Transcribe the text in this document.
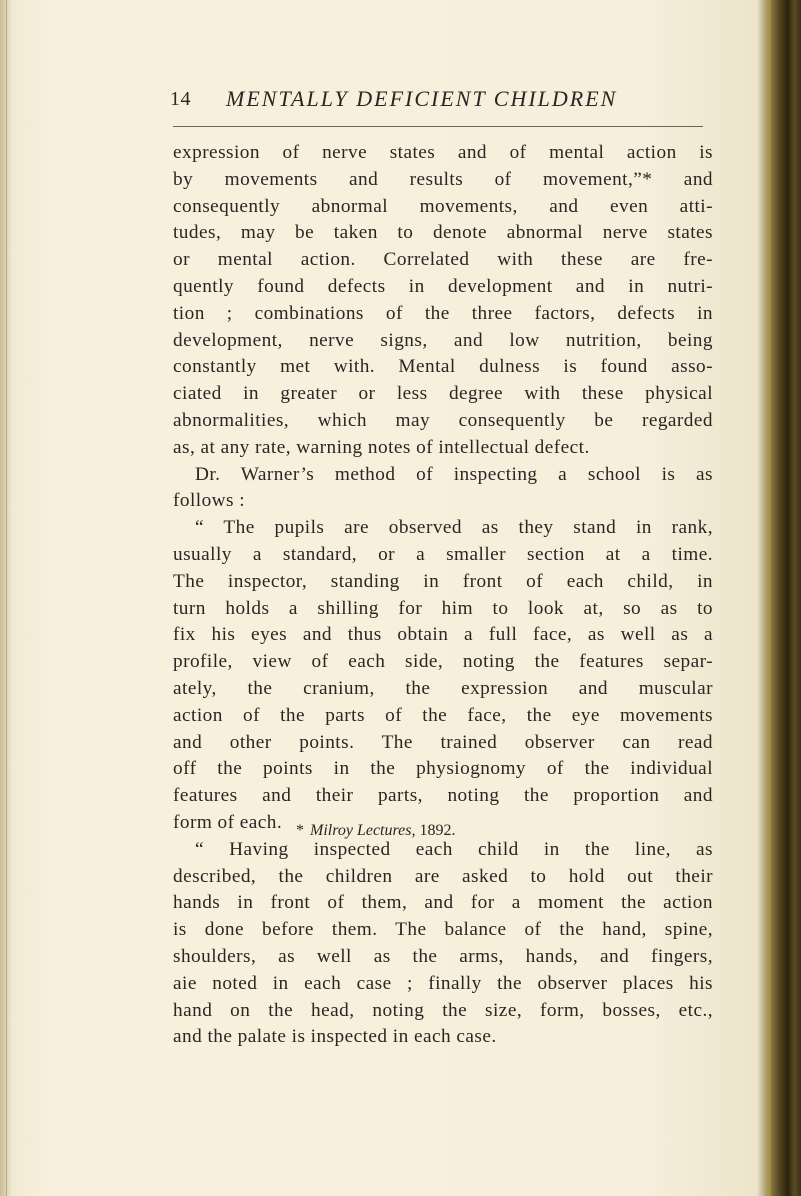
14 MENTALLY DEFICIENT CHILDREN

expression of nerve states and of mental action is
by movements and results of movement,”* and
consequently abnormal movements, and even atti-
tudes, may be taken to denote abnormal nerve states
or mental action. Correlated with these are fre-
quently found defects in development and in nutri-
tion ; combinations of the three factors, defects in
development, nerve signs, and low nutrition, being
constantly met with. Mental dulness is found asso-
ciated in greater or less degree with these physical
abnormalities, which may consequently be regarded
as, at any rate, warning notes of intellectual defect.

Dr. Warner’s method of inspecting a school is as
follows :

“ The pupils are observed as they stand in rank,
usually a standard, or a smaller section at a time.
The inspector, standing in front of each child, in
turn holds a shilling for him to look at, so as to
fix his eyes and thus obtain a full face, as well as a
profile, view of each side, noting the features separ-
ately, the cranium, the expression and muscular
action of the parts of the face, the eye movements
and other points. The trained observer can read
off the points in the physiognomy of the individual
features and their parts, noting the proportion and
form of each.

“ Having inspected each child in the line, as
described, the children are asked to hold out their
hands in front of them, and for a moment the action
is done before them. The balance of the hand, spine,
shoulders, as well as the arms, hands, and fingers,
aie noted in each case ; finally the observer places his
hand on the head, noting the size, form, bosses, etc.,
and the palate is inspected in each case.

* Milroy Lectures, 1892.
